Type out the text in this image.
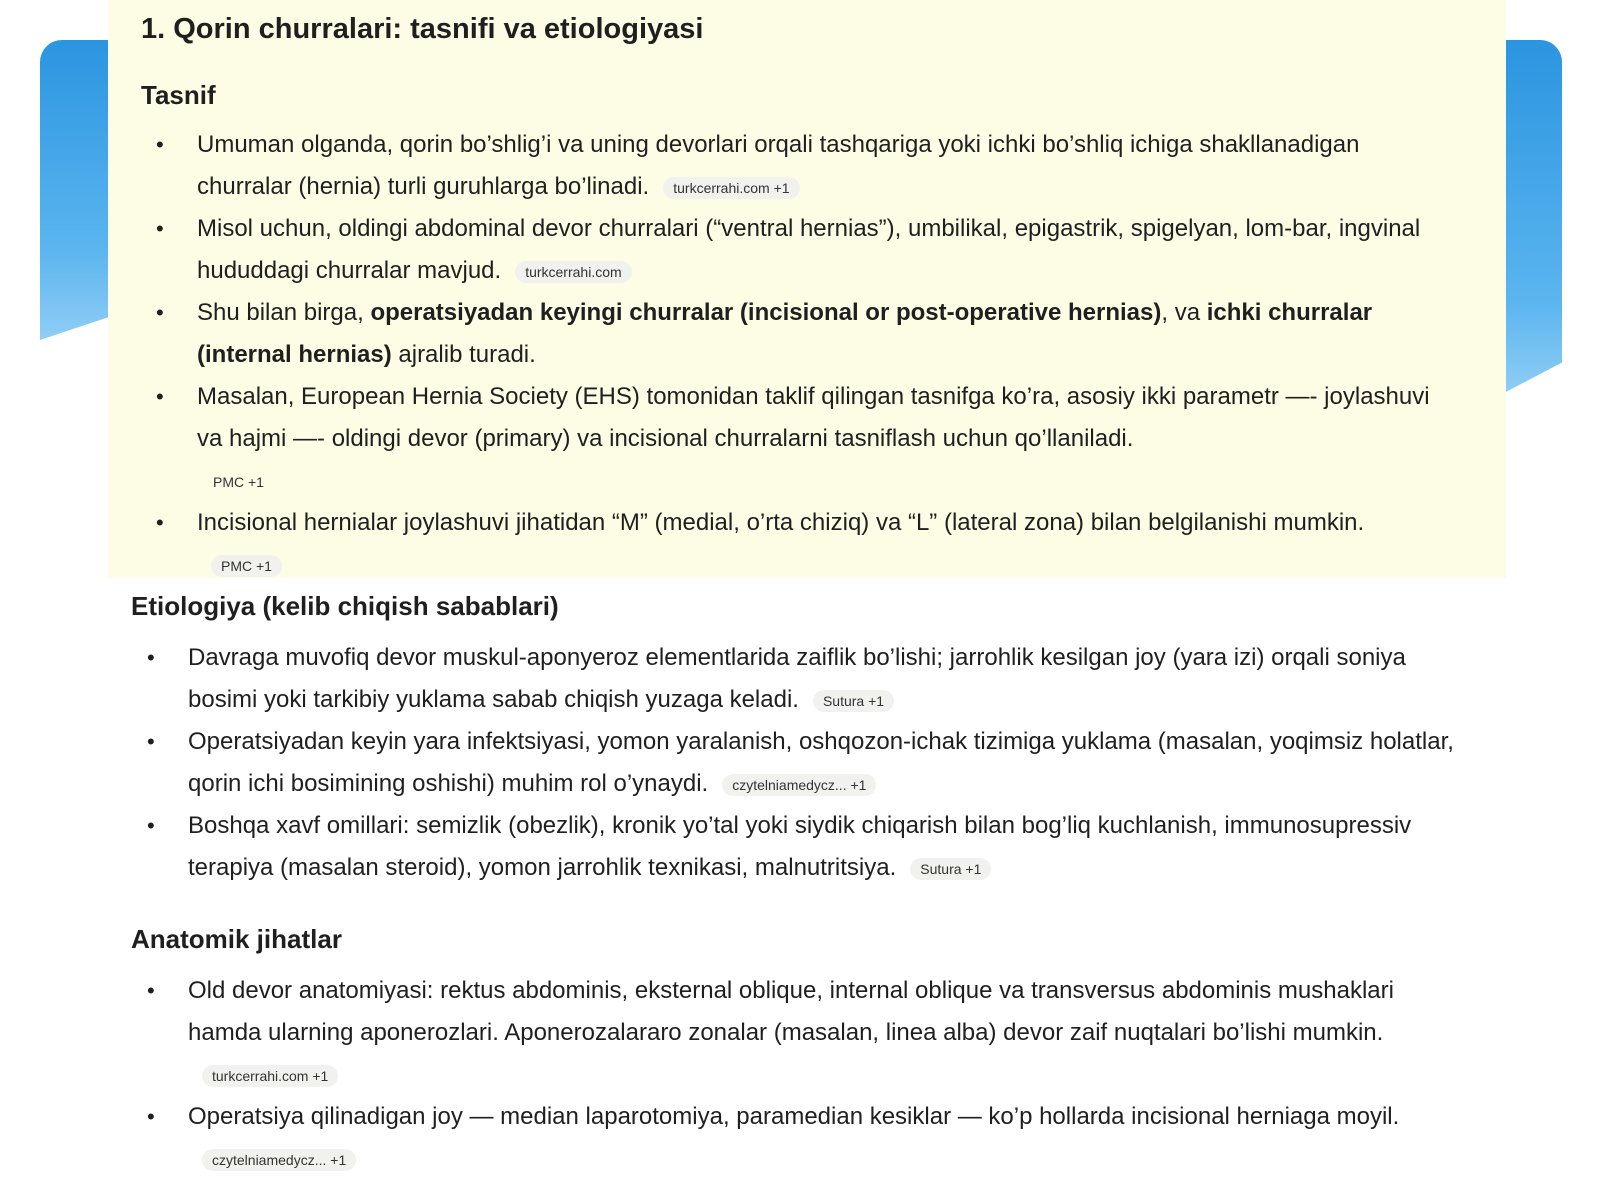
1. Qorin churralari: tasnifi va etiologiyasi
Tasnif
• Umuman olganda, qorin bo’shlig’i va uning devorlari orqali tashqariga yoki ichki bo’shliq ichiga shakllanadigan churralar (hernia) turli guruhlarga bo’linadi. turkcerrahi.com +1
• Misol uchun, oldingi abdominal devor churralari (“ventral hernias”), umbilikal, epigastrik, spigelyan, lom-bar, ingvinal hududdagi churralar mavjud. turkcerrahi.com
• Shu bilan birga, operatsiyadan keyingi churralar (incisional or post-operative hernias), va ichki churralar (internal hernias) ajralib turadi.
• Masalan, European Hernia Society (EHS) tomonidan taklif qilingan tasnifga ko’ra, asosiy ikki parametr —- joylashuvi va hajmi —- oldingi devor (primary) va incisional churralarni tasniflash uchun qo’llaniladi.
PMC +1
• Incisional hernialar joylashuvi jihatidan “M” (medial, o’rta chiziq) va “L” (lateral zona) bilan belgilanishi mumkin.PMC +1
Etiologiya (kelib chiqish sabablari)
• Davraga muvofiq devor muskul-aponyeroz elementlarida zaiflik bo’lishi; jarrohlik kesilgan joy (yara izi) orqali soniya bosimi yoki tarkibiy yuklama sabab chiqish yuzaga keladi. Sutura +1
• Operatsiyadan keyin yara infektsiyasi, yomon yaralanish, oshqozon-ichak tizimiga yuklama (masalan, yoqimsiz holatlar, qorin ichi bosimining oshishi) muhim rol o’ynaydi. czytelniamedycz... +1
• Boshqa xavf omillari: semizlik (obezlik), kronik yo’tal yoki siydik chiqarish bilan bog’liq kuchlanish, immunosupressiv terapiya (masalan steroid), yomon jarrohlik texnikasi, malnutritsiya. Sutura +1
Anatomik jihatlar
• Old devor anatomiyasi: rektus abdominis, eksternal oblique, internal oblique va transversus abdominis mushaklari hamda ularning aponerozlari. Aponerozalararo zonalar (masalan, linea alba) devor zaif nuqtalari bo’lishi mumkin.turkcerrahi.com +1
• Operatsiya qilinadigan joy — median laparotomiya, paramedian kesiklar — ko’p hollarda incisional herniaga moyil.czytelniamedycz... +1
